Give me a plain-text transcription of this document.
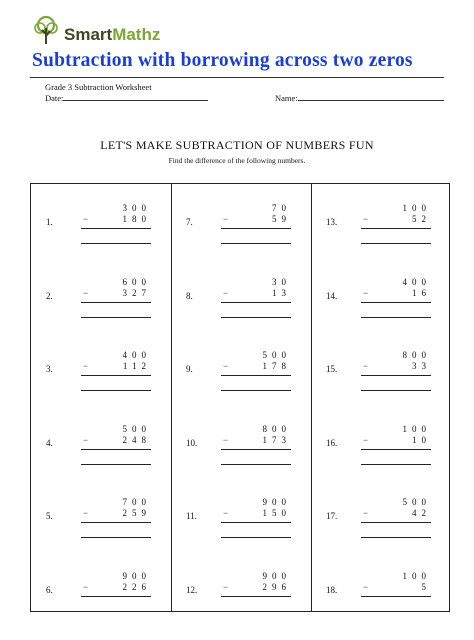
SmartMathz
Subtraction with borrowing across two zeros
Grade 3 Subtraction Worksheet
Date:	Name:
LET'S MAKE SUBTRACTION OF NUMBERS FUN
Find the difference of the following numbers.
1.
300
180
−
2.
600
327
−
3.
400
112
−
4.
500
248
−
5.
700
259
−
6.
900
226
−
7.
70
59
−
8.
30
13
−
9.
500
178
−
10.
800
173
−
11.
900
150
−
12.
900
296
−
13.
100
52
−
14.
400
16
−
15.
800
33
−
16.
100
10
−
17.
500
42
−
18.
100
5
−
